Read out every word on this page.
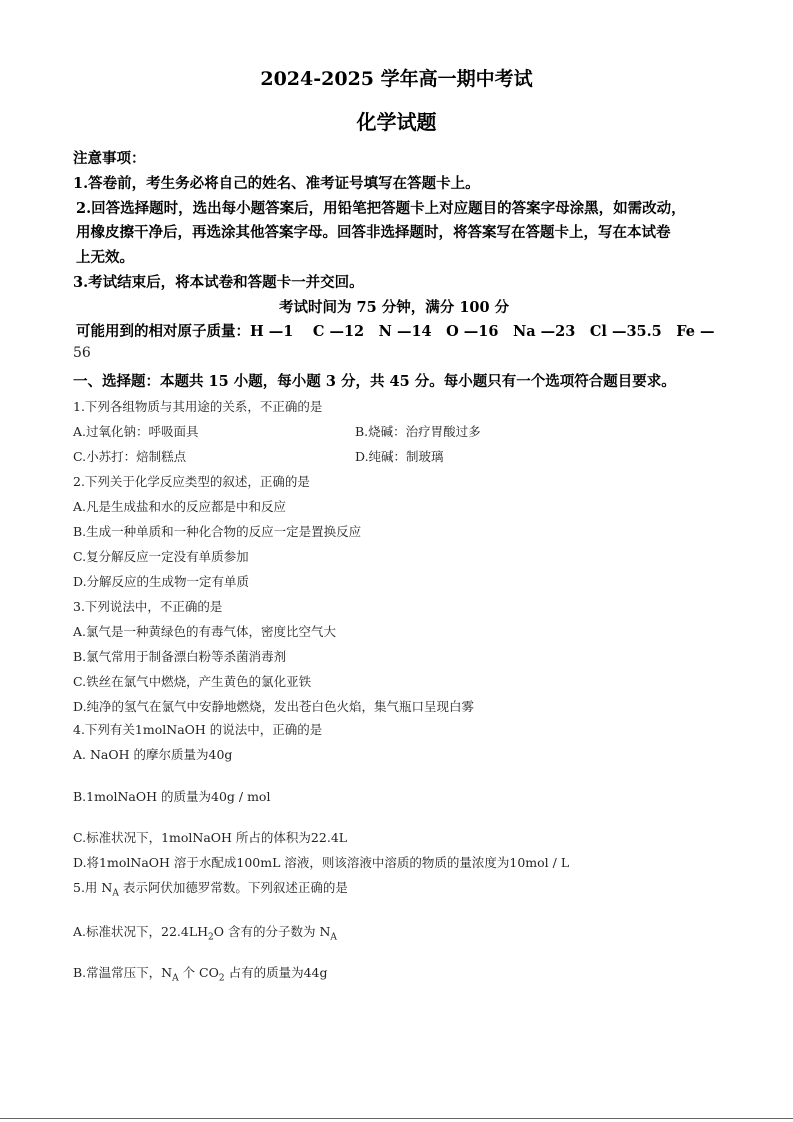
2024-2025 学年高一期中考试
化学试题
注意事项：
1.答卷前，考生务必将自己的姓名、准考证号填写在答题卡上。
2.回答选择题时，选出每小题答案后，用铅笔把答题卡上对应题目的答案字母涂黑，如需改动，
用橡皮擦干净后，再选涂其他答案字母。回答非选择题时，将答案写在答题卡上，写在本试卷
上无效。
3.考试结束后，将本试卷和答题卡一并交回。
考试时间为 75 分钟，满分 100 分
可能用到的相对原子质量：H —1　 C —12　N —14　O —16　Na —23　Cl —35.5　Fe —
56
一、选择题：本题共 15 小题，每小题 3 分，共 45 分。每小题只有一个选项符合题目要求。
1.下列各组物质与其用途的关系，不正确的是
A.过氧化钠：呼吸面具	B.烧碱：治疗胃酸过多
C.小苏打：焙制糕点	D.纯碱：制玻璃
2.下列关于化学反应类型的叙述，正确的是
A.凡是生成盐和水的反应都是中和反应
B.生成一种单质和一种化合物的反应一定是置换反应
C.复分解反应一定没有单质参加
D.分解反应的生成物一定有单质
3.下列说法中，不正确的是
A.氯气是一种黄绿色的有毒气体，密度比空气大
B.氯气常用于制备漂白粉等杀菌消毒剂
C.铁丝在氯气中燃烧，产生黄色的氯化亚铁
D.纯净的氢气在氯气中安静地燃烧，发出苍白色火焰，集气瓶口呈现白雾
4.下列有关1molNaOH 的说法中，正确的是
A. NaOH 的摩尔质量为40g
B.1molNaOH 的质量为40g / mol
C.标准状况下，1molNaOH 所占的体积为22.4L
D.将1molNaOH 溶于水配成100mL 溶液，则该溶液中溶质的物质的量浓度为10mol / L
5.用 $N_A$ 表示阿伏加德罗常数。下列叙述正确的是
A.标准状况下，$22.4LH_2O$ 含有的分子数为 $N_A$
B.常温常压下，$N_A$ 个 $CO_2$ 占有的质量为44g
